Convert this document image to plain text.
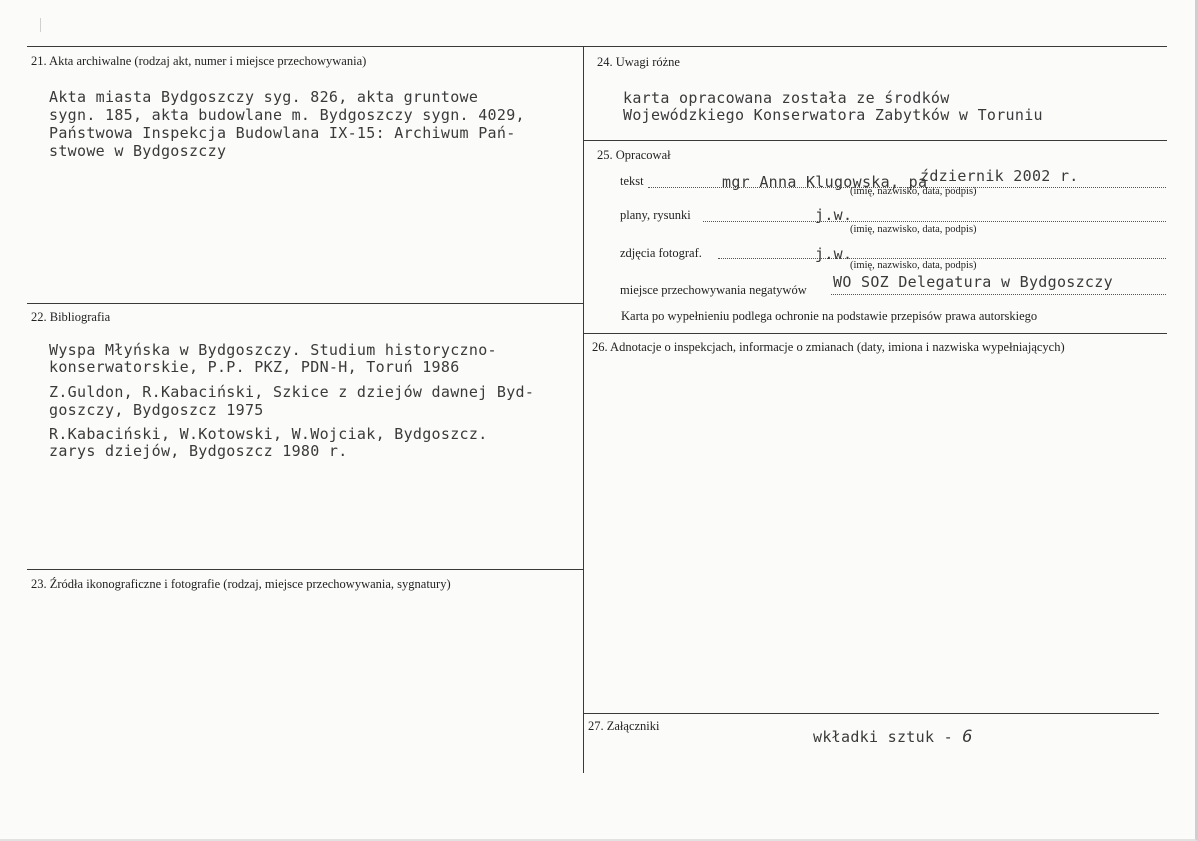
21. Akta archiwalne (rodzaj akt, numer i miejsce przechowywania)
Akta miasta Bydgoszczy syg. 826, akta gruntowe
sygn. 185, akta budowlane m. Bydgoszczy sygn. 4029,
Państwowa Inspekcja Budowlana IX-15: Archiwum Pań-
stwowe w Bydgoszczy
22. Bibliografia
Wyspa Młyńska w Bydgoszczy. Studium historyczno-
konserwatorskie, P.P. PKZ, PDN-H, Toruń 1986
Z.Guldon, R.Kabaciński, Szkice z dziejów dawnej Byd-
goszczy, Bydgoszcz 1975
R.Kabaciński, W.Kotowski, W.Wojciak, Bydgoszcz.
zarys dziejów, Bydgoszcz 1980 r.
23. Źródła ikonograficzne i fotografie (rodzaj, miejsce przechowywania, sygnatury)
24. Uwagi różne
karta opracowana została ze środków
Wojewódzkiego Konserwatora Zabytków w Toruniu
25. Opracował
tekst	mgr Anna Klugowska, pa
ździernik 2002 r.
(imię, nazwisko, data, podpis)
plany, rysunki	j.w.
(imię, nazwisko, data, podpis)
zdjęcia fotograf.	j.w.
(imię, nazwisko, data, podpis)
miejsce przechowywania negatywów WO SOZ Delegatura w Bydgoszczy
Karta po wypełnieniu podlega ochronie na podstawie przepisów prawa autorskiego
26. Adnotacje o inspekcjach, informacje o zmianach (daty, imiona i nazwiska wypełniających)
27. Załączniki
wkładki sztuk - 6
